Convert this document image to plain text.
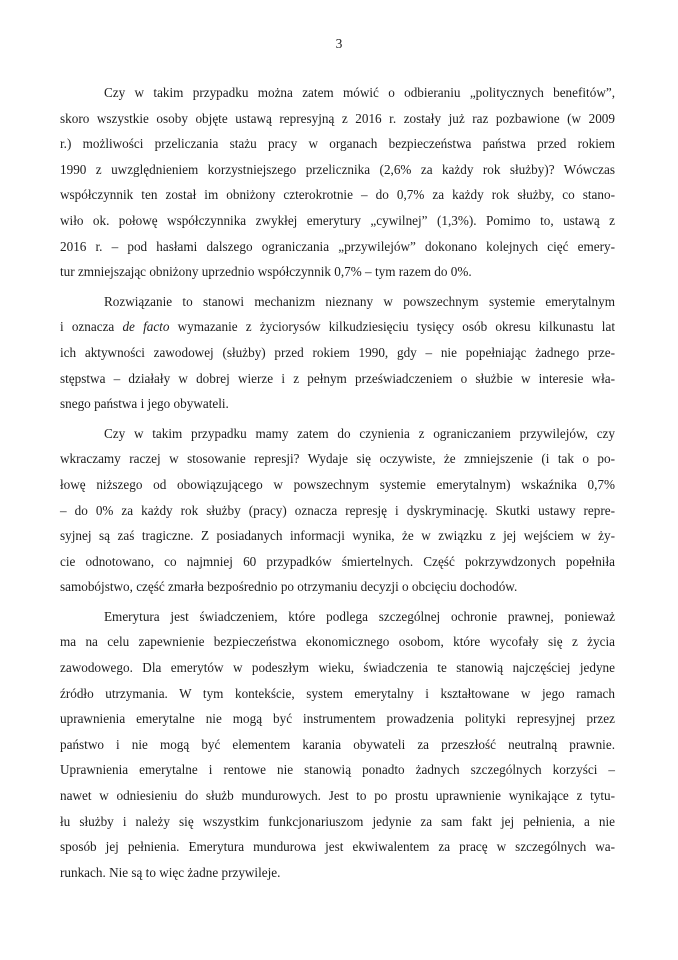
3
Czy w takim przypadku można zatem mówić o odbieraniu „politycznych benefitów”,
skoro wszystkie osoby objęte ustawą represyjną z 2016 r. zostały już raz pozbawione (w 2009
r.) możliwości przeliczania stażu pracy w organach bezpieczeństwa państwa przed rokiem
1990 z uwzględnieniem korzystniejszego przelicznika (2,6% za każdy rok służby)? Wówczas
współczynnik ten został im obniżony czterokrotnie – do 0,7% za każdy rok służby, co stano-
wiło ok. połowę współczynnika zwykłej emerytury „cywilnej” (1,3%). Pomimo to, ustawą z
2016 r. – pod hasłami dalszego ograniczania „przywilejów” dokonano kolejnych cięć emery-
tur zmniejszając obniżony uprzednio współczynnik 0,7% – tym razem do 0%.
Rozwiązanie to stanowi mechanizm nieznany w powszechnym systemie emerytalnym
i oznacza de facto wymazanie z życiorysów kilkudziesięciu tysięcy osób okresu kilkunastu lat
ich aktywności zawodowej (służby) przed rokiem 1990, gdy – nie popełniając żadnego prze-
stępstwa – działały w dobrej wierze i z pełnym przeświadczeniem o służbie w interesie wła-
snego państwa i jego obywateli.
Czy w takim przypadku mamy zatem do czynienia z ograniczaniem przywilejów, czy
wkraczamy raczej w stosowanie represji? Wydaje się oczywiste, że zmniejszenie (i tak o po-
łowę niższego od obowiązującego w powszechnym systemie emerytalnym) wskaźnika 0,7%
– do 0% za każdy rok służby (pracy) oznacza represję i dyskryminację. Skutki ustawy repre-
syjnej są zaś tragiczne. Z posiadanych informacji wynika, że w związku z jej wejściem w ży-
cie odnotowano, co najmniej 60 przypadków śmiertelnych. Część pokrzywdzonych popełniła
samobójstwo, część zmarła bezpośrednio po otrzymaniu decyzji o obcięciu dochodów.
Emerytura jest świadczeniem, które podlega szczególnej ochronie prawnej, ponieważ
ma na celu zapewnienie bezpieczeństwa ekonomicznego osobom, które wycofały się z życia
zawodowego. Dla emerytów w podeszłym wieku, świadczenia te stanowią najczęściej jedyne
źródło utrzymania. W tym kontekście, system emerytalny i kształtowane w jego ramach
uprawnienia emerytalne nie mogą być instrumentem prowadzenia polityki represyjnej przez
państwo i nie mogą być elementem karania obywateli za przeszłość neutralną prawnie.
Uprawnienia emerytalne i rentowe nie stanowią ponadto żadnych szczególnych korzyści –
nawet w odniesieniu do służb mundurowych. Jest to po prostu uprawnienie wynikające z tytu-
łu służby i należy się wszystkim funkcjonariuszom jedynie za sam fakt jej pełnienia, a nie
sposób jej pełnienia. Emerytura mundurowa jest ekwiwalentem za pracę w szczególnych wa-
runkach. Nie są to więc żadne przywileje.
